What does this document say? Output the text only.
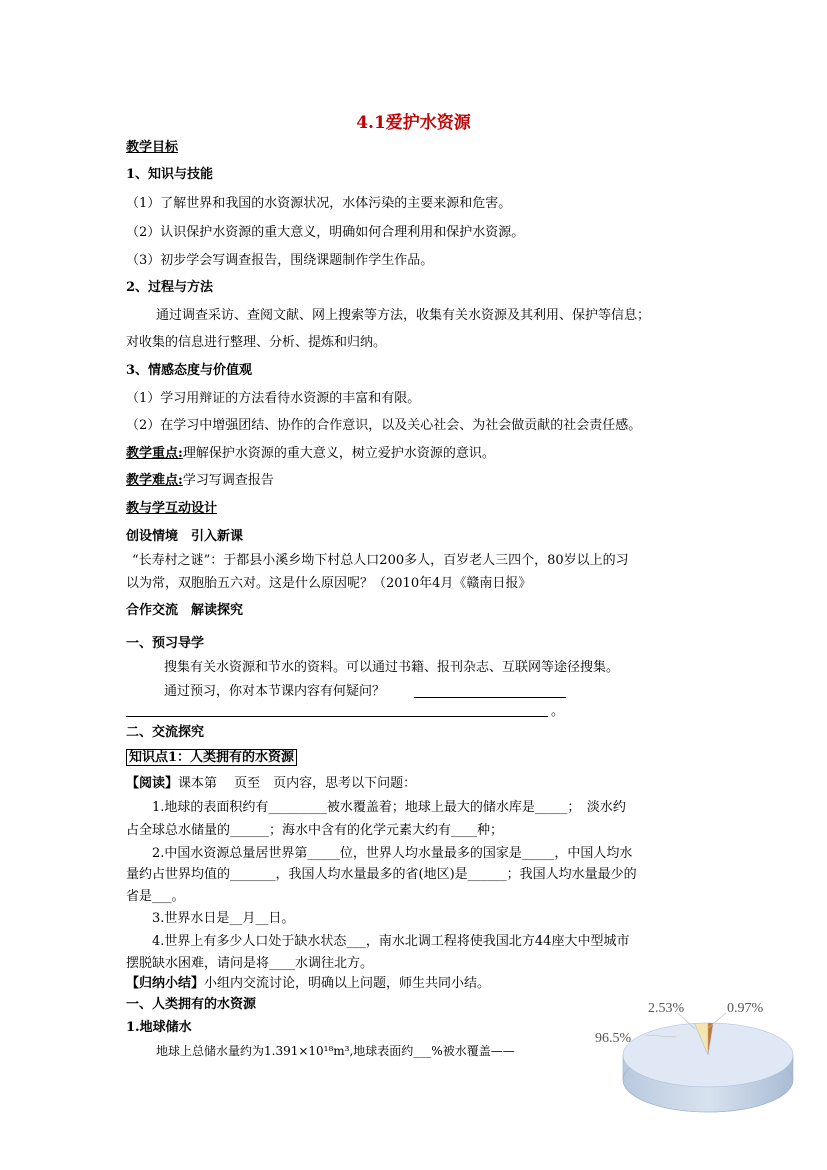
4.1爱护水资源
教学目标
1、知识与技能
（1）了解世界和我国的水资源状况，水体污染的主要来源和危害。
（2）认识保护水资源的重大意义，明确如何合理利用和保护水资源。
（3）初步学会写调查报告，围绕课题制作学生作品。
2、过程与方法
通过调查采访、查阅文献、网上搜索等方法，收集有关水资源及其利用、保护等信息；
对收集的信息进行整理、分析、提炼和归纳。
3、情感态度与价值观
（1）学习用辩证的方法看待水资源的丰富和有限。
（2）在学习中增强团结、协作的合作意识，以及关心社会、为社会做贡献的社会责任感。
教学重点:理解保护水资源的重大意义，树立爱护水资源的意识。
教学难点:学习写调查报告
教与学互动设计
创设情境　引入新课
“长寿村之谜”：于都县小溪乡坳下村总人口200多人，百岁老人三四个，80岁以上的习
以为常，双胞胎五六对。这是什么原因呢？（2010年4月《赣南日报》
合作交流　解读探究
一、预习导学
搜集有关水资源和节水的资料。可以通过书籍、报刊杂志、互联网等途径搜集。
通过预习，你对本节课内容有何疑问？
。
二、交流探究
知识点1：人类拥有的水资源
【阅读】课本第　 页至　页内容，思考以下问题：
1.地球的表面积约有_________被水覆盖着；地球上最大的储水库是_____；　淡水约
占全球总水储量的______；海水中含有的化学元素大约有____种；
2.中国水资源总量居世界第_____位，世界人均水量最多的国家是_____，中国人均水
量约占世界均值的_______，我国人均水量最多的省(地区)是______；我国人均水量最少的
省是___。
3.世界水日是__月__日。
4.世界上有多少人口处于缺水状态___，南水北调工程将使我国北方44座大中型城市
摆脱缺水困难，请问是将____水调往北方。
【归纳小结】小组内交流讨论，明确以上问题，师生共同小结。
一、人类拥有的水资源
1.地球储水
地球上总储水量约为1.391×10¹⁸m³,地球表面约___%被水覆盖——
96.5%
2.53%	0.97%
